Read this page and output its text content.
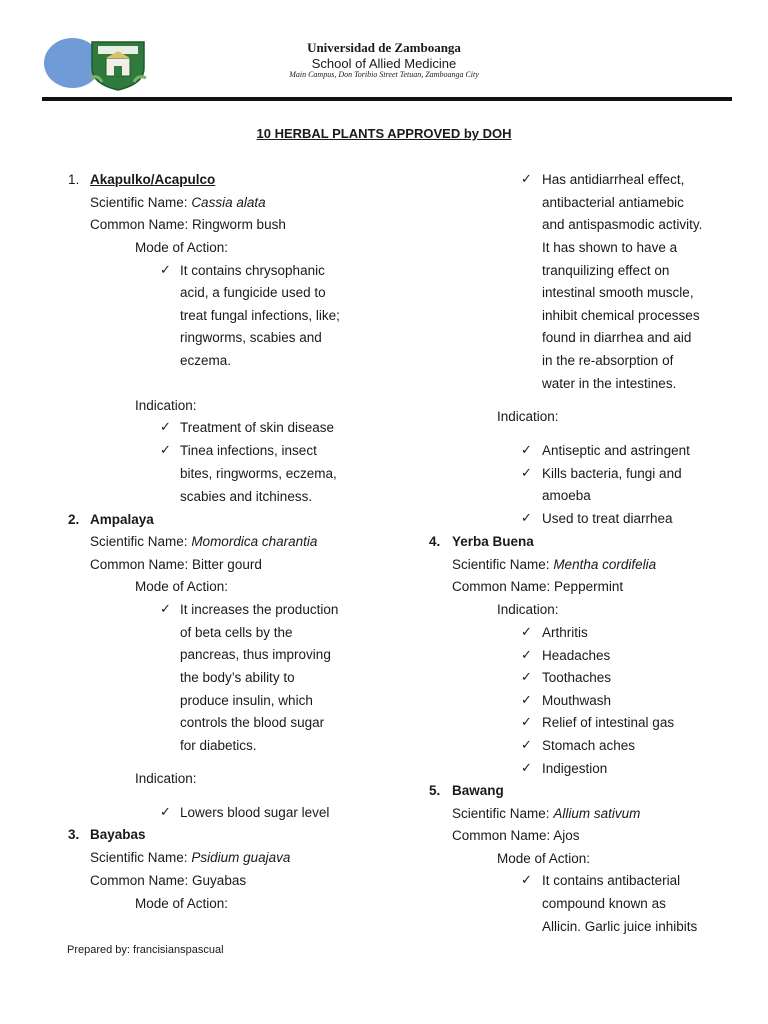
Universidad de Zamboanga
School of Allied Medicine
Main Campus, Don Toribio Street Tetuan, Zamboanga City
10 HERBAL PLANTS APPROVED by DOH
1. Akapulko/Acapulco
Scientific Name: Cassia alata
Common Name: Ringworm bush
Mode of Action:
✓ It contains chrysophanic
acid, a fungicide used to
treat fungal infections, like;
ringworms, scabies and
eczema.
Indication:
✓ Treatment of skin disease
✓ Tinea infections, insect
bites, ringworms, eczema,
scabies and itchiness.
2. Ampalaya
Scientific Name: Momordica charantia
Common Name: Bitter gourd
Mode of Action:
✓ It increases the production
of beta cells by the
pancreas, thus improving
the body’s ability to
produce insulin, which
controls the blood sugar
for diabetics.
Indication:
✓ Lowers blood sugar level
3. Bayabas
Scientific Name: Psidium guajava
Common Name: Guyabas
Mode of Action:
✓ Has antidiarrheal effect,
antibacterial antiamebic
and antispasmodic activity.
It has shown to have a
tranquilizing effect on
intestinal smooth muscle,
inhibit chemical processes
found in diarrhea and aid
in the re-absorption of
water in the intestines.
Indication:
✓ Antiseptic and astringent
✓ Kills bacteria, fungi and
amoeba
✓ Used to treat diarrhea
4. Yerba Buena
Scientific Name: Mentha cordifelia
Common Name: Peppermint
Indication:
✓ Arthritis
✓ Headaches
✓ Toothaches
✓ Mouthwash
✓ Relief of intestinal gas
✓ Stomach aches
✓ Indigestion
5. Bawang
Scientific Name: Allium sativum
Common Name: Ajos
Mode of Action:
✓ It contains antibacterial
compound known as
Allicin. Garlic juice inhibits
Prepared by: francisianspascual
